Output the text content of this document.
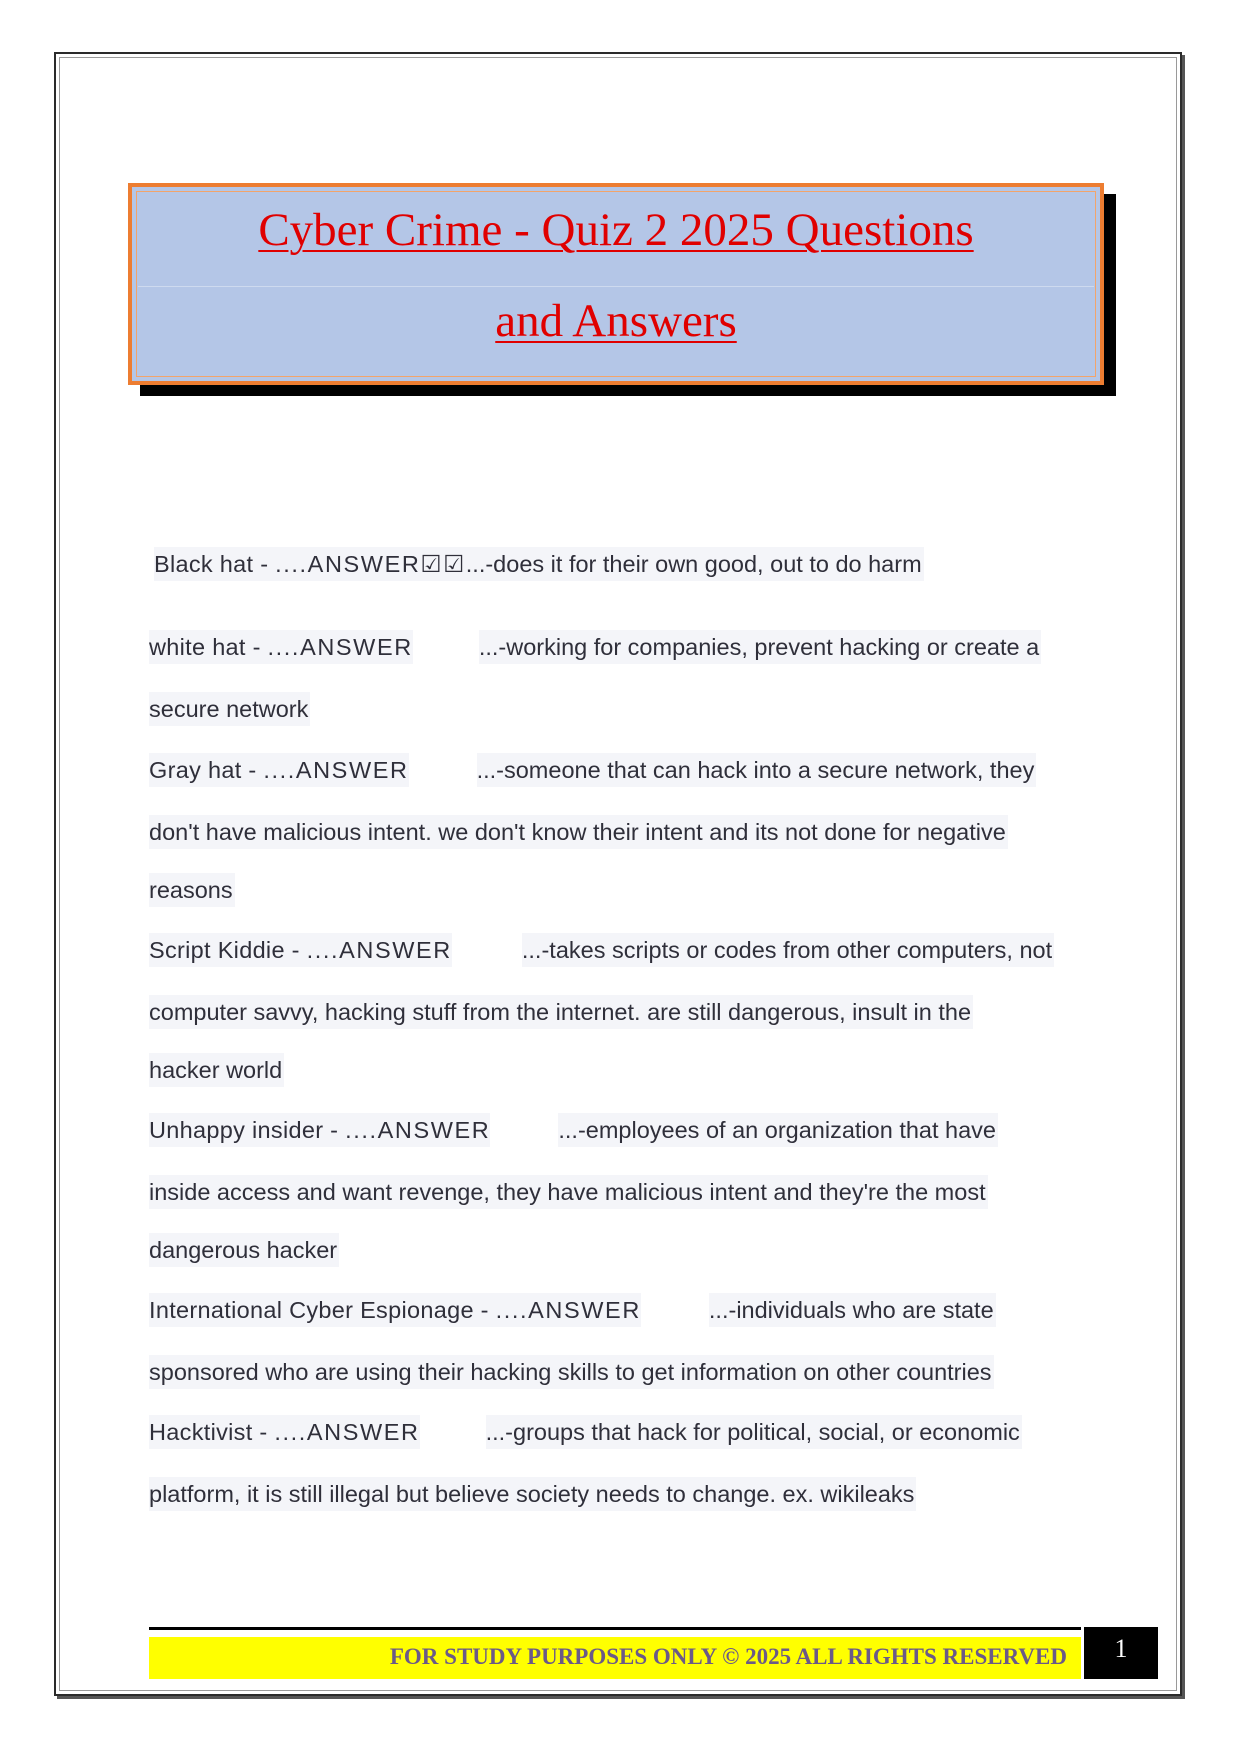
Cyber Crime - Quiz 2 2025 Questions
and Answers
Black hat - ....ANSWER☑☑...-does it for their own good, out to do harm
white hat - ....ANSWER	...-working for companies, prevent hacking or create a
secure network
Gray hat - ....ANSWER	...-someone that can hack into a secure network, they
don't have malicious intent. we don't know their intent and its not done for negative
reasons
Script Kiddie - ....ANSWER	...-takes scripts or codes from other computers, not
computer savvy, hacking stuff from the internet. are still dangerous, insult in the
hacker world
Unhappy insider - ....ANSWER	...-employees of an organization that have
inside access and want revenge, they have malicious intent and they're the most
dangerous hacker
International Cyber Espionage - ....ANSWER	...-individuals who are state
sponsored who are using their hacking skills to get information on other countries
Hacktivist - ....ANSWER	...-groups that hack for political, social, or economic
platform, it is still illegal but believe society needs to change. ex. wikileaks
FOR STUDY PURPOSES ONLY © 2025 ALL RIGHTS RESERVED	1
